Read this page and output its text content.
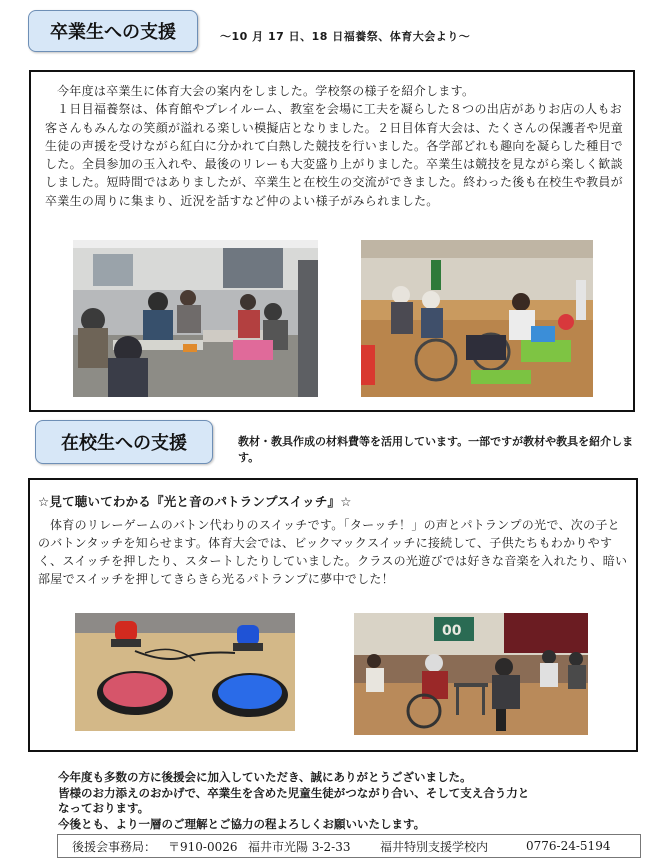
卒業生への支援	～10 月 17 日、18 日福養祭、体育大会より～

今年度は卒業生に体育大会の案内をしました。学校祭の様子を紹介します。

１日目福養祭は、体育館やプレイルーム、教室を会場に工夫を凝らした８つの出店がありお店の人もお客さんもみんなの笑顔が溢れる楽しい模擬店となりました。２日目体育大会は、たくさんの保護者や児童生徒の声援を受けながら紅白に分かれて白熱した競技を行いました。各学部どれも趣向を凝らした種目でした。全員参加の玉入れや、最後のリレーも大変盛り上がりました。卒業生は競技を見ながら楽しく歓談しました。短時間ではありましたが、卒業生と在校生の交流ができました。終わった後も在校生や教員が卒業生の周りに集まり、近況を話すなど仲のよい様子がみられました。

在校生への支援	教材・教具作成の材料費等を活用しています。一部ですが教材や教具を紹介します。
☆見て聴いてわかる『光と音のパトランプスイッチ』☆

体育のリレーゲームのバトン代わりのスイッチです。「ターッチ！」の声とパトランプの光で、次の子とのバトンタッチを知らせます。体育大会では、ビックマックスイッチに接続して、子供たちもわかりやすく、スイッチを押したり、スタートしたりしていました。クラスの光遊びでは好きな音楽を入れたり、暗い部屋でスイッチを押してきらきら光るパトランプに夢中でした！

00
今年度も多数の方に後援会に加入していただき、誠にありがとうございました。
皆様のお力添えのおかげで、卒業生を含めた児童生徒がつながり合い、そして支え合う力と
なっております。
今後とも、より一層のご理解とご協力の程よろしくお願いいたします。
後援会事務局： 〒910-0026 福井市光陽 3-2-33 福井特別支援学校内	0776-24-5194
